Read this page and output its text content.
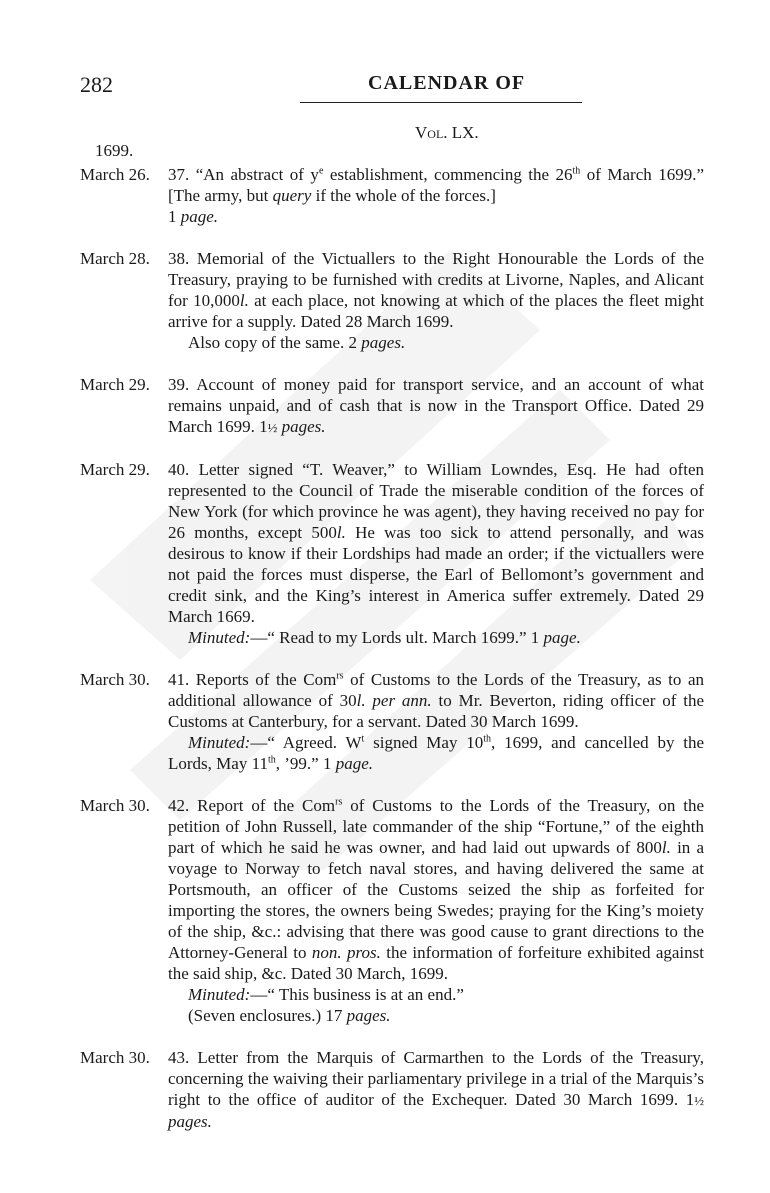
282	CALENDAR OF
Vol. LX.
1699.
March 26. 37. “An abstract of $y^e$ establishment, commencing the 26th of March 1699.” [The army, but query if the whole of the forces.]
1 page.

March 28. 38. Memorial of the Victuallers to the Right Honourable the Lords of the Treasury, praying to be furnished with credits at Livorne, Naples, and Alicant for 10,000l. at each place, not knowing at which of the places the fleet might arrive for a supply. Dated 28 March 1699.

Also copy of the same. 2 pages.

March 29. 39. Account of money paid for transport service, and an account of what remains unpaid, and of cash that is now in the Transport Office. Dated 29 March 1699. 1½ pages.

March 29. 40. Letter signed “T. Weaver,” to William Lowndes, Esq. He had often represented to the Council of Trade the miserable condition of the forces of New York (for which province he was agent), they having received no pay for 26 months, except 500l. He was too sick to attend personally, and was desirous to know if their Lordships had made an order; if the victuallers were not paid the forces must disperse, the Earl of Bellomont’s government and credit sink, and the King’s interest in America suffer extremely. Dated 29 March 1669.

Minuted:—“ Read to my Lords ult. March 1699.” 1 page.

March 30. 41. Reports of the Com$^{rs}$ of Customs to the Lords of the Treasury, as to an additional allowance of 30l. per ann. to Mr. Beverton, riding officer of the Customs at Canterbury, for a servant. Dated 30 March 1699.

Minuted:—“ Agreed. $W^t$ signed May 10th, 1699, and cancelled by the Lords, May 11th, ’99.” 1 page.

March 30. 42. Report of the Com$^{rs}$ of Customs to the Lords of the Treasury, on the petition of John Russell, late commander of the ship “Fortune,” of the eighth part of which he said he was owner, and had laid out upwards of 800l. in a voyage to Norway to fetch naval stores, and having delivered the same at Portsmouth, an officer of the Customs seized the ship as forfeited for importing the stores, the owners being Swedes; praying for the King’s moiety of the ship, &c.: advising that there was good cause to grant directions to the Attorney-General to non. pros. the information of forfeiture exhibited against the said ship, &c. Dated 30 March, 1699.

Minuted:—“ This business is at an end.”

(Seven enclosures.) 17 pages.

March 30. 43. Letter from the Marquis of Carmarthen to the Lords of the Treasury, concerning the waiving their parliamentary privilege in a trial of the Marquis’s right to the office of auditor of the Exchequer. Dated 30 March 1699. 1½ pages.
